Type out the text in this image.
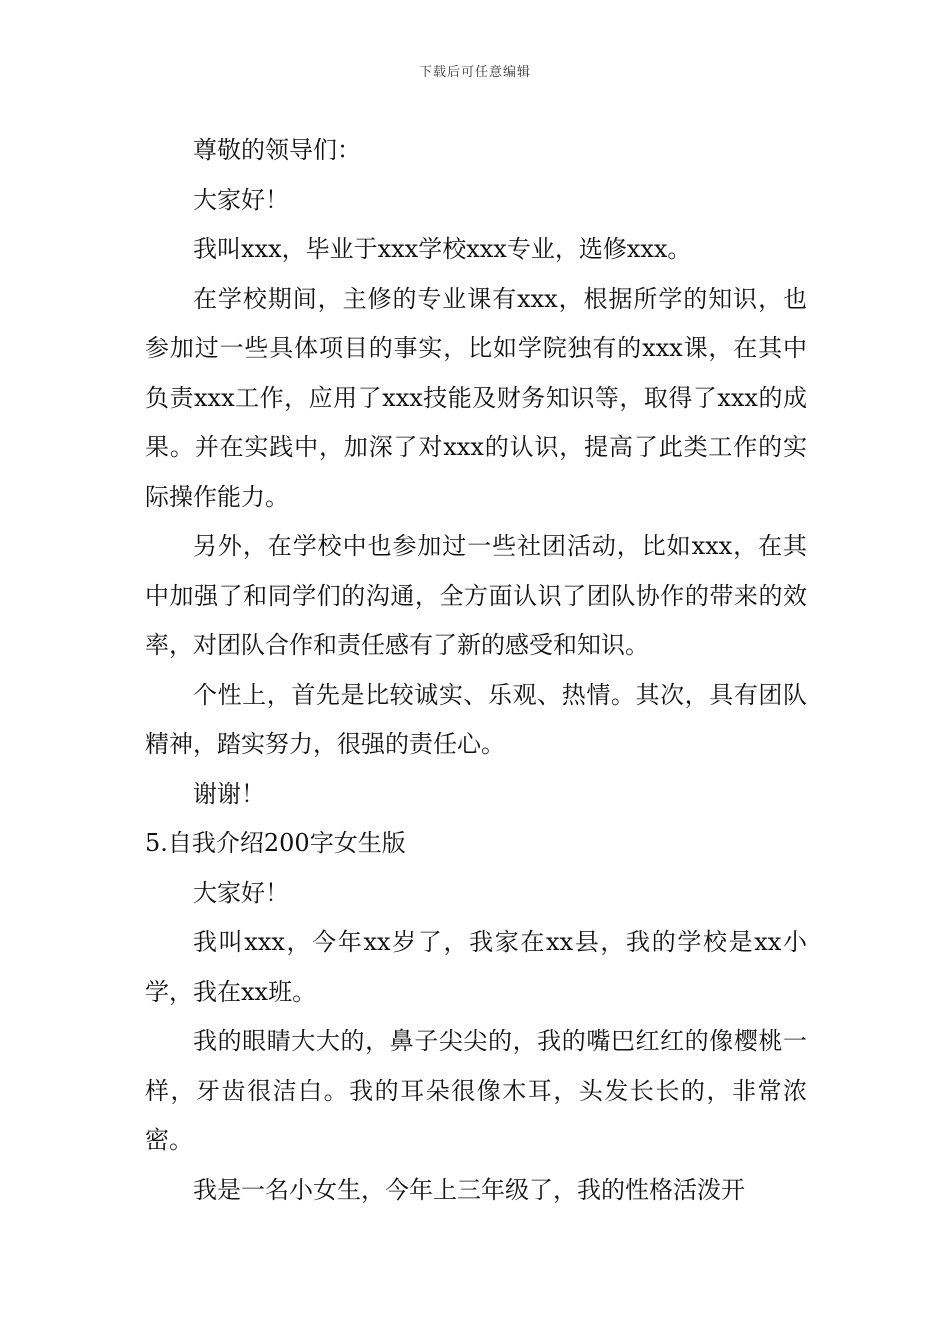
下载后可任意编辑

尊敬的领导们：

大家好！

我叫xxx，毕业于xxx学校xxx专业，选修xxx。

在学校期间，主修的专业课有xxx，根据所学的知识，也参加过一些具体项目的事实，比如学院独有的xxx课，在其中负责xxx工作，应用了xxx技能及财务知识等，取得了xxx的成果。并在实践中，加深了对xxx的认识，提高了此类工作的实际操作能力。

另外，在学校中也参加过一些社团活动，比如xxx，在其中加强了和同学们的沟通，全方面认识了团队协作的带来的效率，对团队合作和责任感有了新的感受和知识。

个性上，首先是比较诚实、乐观、热情。其次，具有团队精神，踏实努力，很强的责任心。

谢谢！

5.自我介绍200字女生版

大家好！

我叫xxx，今年xx岁了，我家在xx县，我的学校是xx小学，我在xx班。

我的眼睛大大的，鼻子尖尖的，我的嘴巴红红的像樱桃一样，牙齿很洁白。我的耳朵很像木耳，头发长长的，非常浓密。

我是一名小女生，今年上三年级了，我的性格活泼开
